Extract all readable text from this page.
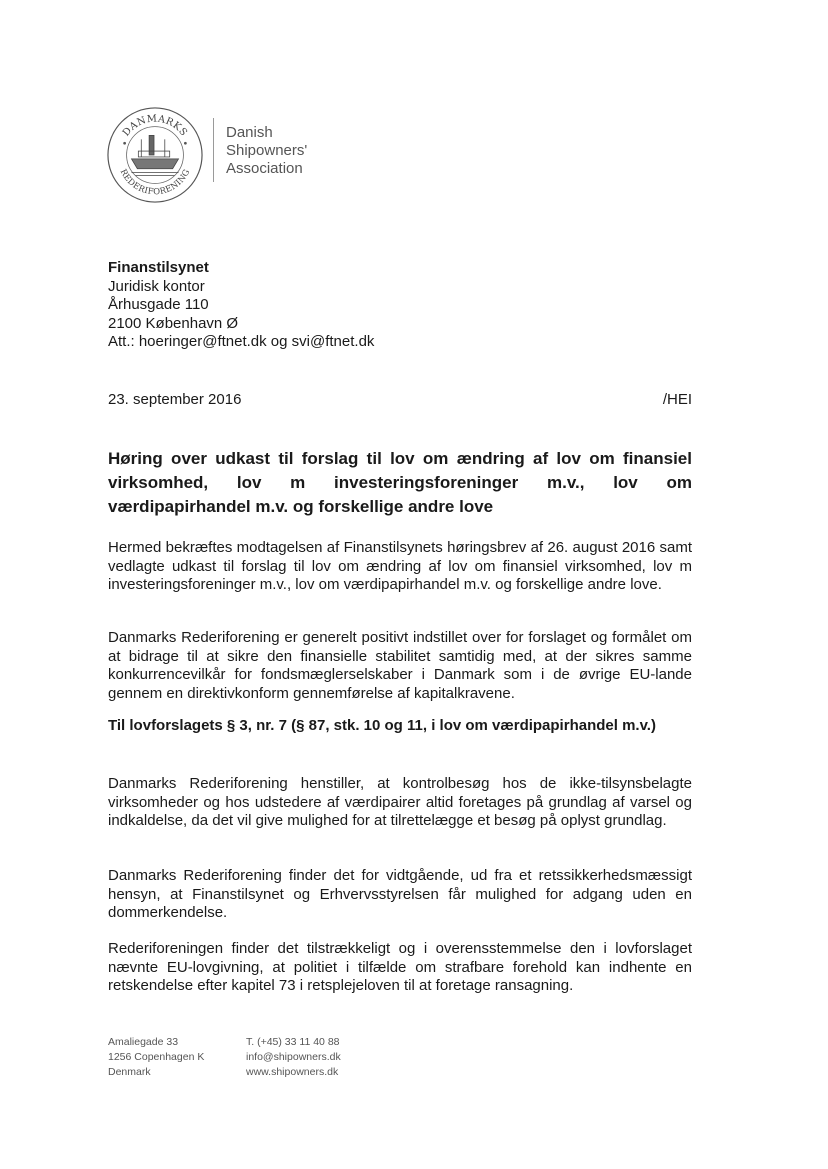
DANMARKS
REDERIFORENING
Danish
Shipowners'
Association
Finanstilsynet
Juridisk kontor
Århusgade 110
2100 København Ø
Att.: hoeringer@ftnet.dk og svi@ftnet.dk
23. september 2016	/HEI
Høring over udkast til forslag til lov om ændring af lov om finansiel virksomhed, lov m investeringsforeninger m.v., lov om værdipapirhandel m.v. og forskellige andre love
Hermed bekræftes modtagelsen af Finanstilsynets høringsbrev af 26. august 2016 samt vedlagte udkast til forslag til lov om ændring af lov om finansiel virksomhed, lov m investeringsforeninger m.v., lov om værdipapirhandel m.v. og forskellige andre love.
Danmarks Rederiforening er generelt positivt indstillet over for forslaget og formålet om at bidrage til at sikre den finansielle stabilitet samtidig med, at der sikres samme konkurrencevilkår for fondsmæglerselskaber i Danmark som i de øvrige EU-lande gennem en direktivkonform gennemførelse af kapitalkravene.
Til lovforslagets § 3, nr. 7 (§ 87, stk. 10 og 11, i lov om værdipapirhandel m.v.)
Danmarks Rederiforening henstiller, at kontrolbesøg hos de ikke-tilsynsbelagte virksomheder og hos udstedere af værdipairer altid foretages på grundlag af varsel og indkaldelse, da det vil give mulighed for at tilrettelægge et besøg på oplyst grundlag.
Danmarks Rederiforening finder det for vidtgående, ud fra et retssikkerhedsmæssigt hensyn, at Finanstilsynet og Erhvervsstyrelsen får mulighed for adgang uden en dommerkendelse.
Rederiforeningen finder det tilstrækkeligt og i overensstemmelse den i lovforslaget nævnte EU-lovgivning, at politiet i tilfælde om strafbare forehold kan indhente en retskendelse efter kapitel 73 i retsplejeloven til at foretage ransagning.
Amaliegade 33
1256 Copenhagen K
Denmark
T. (+45) 33 11 40 88
info@shipowners.dk
www.shipowners.dk
